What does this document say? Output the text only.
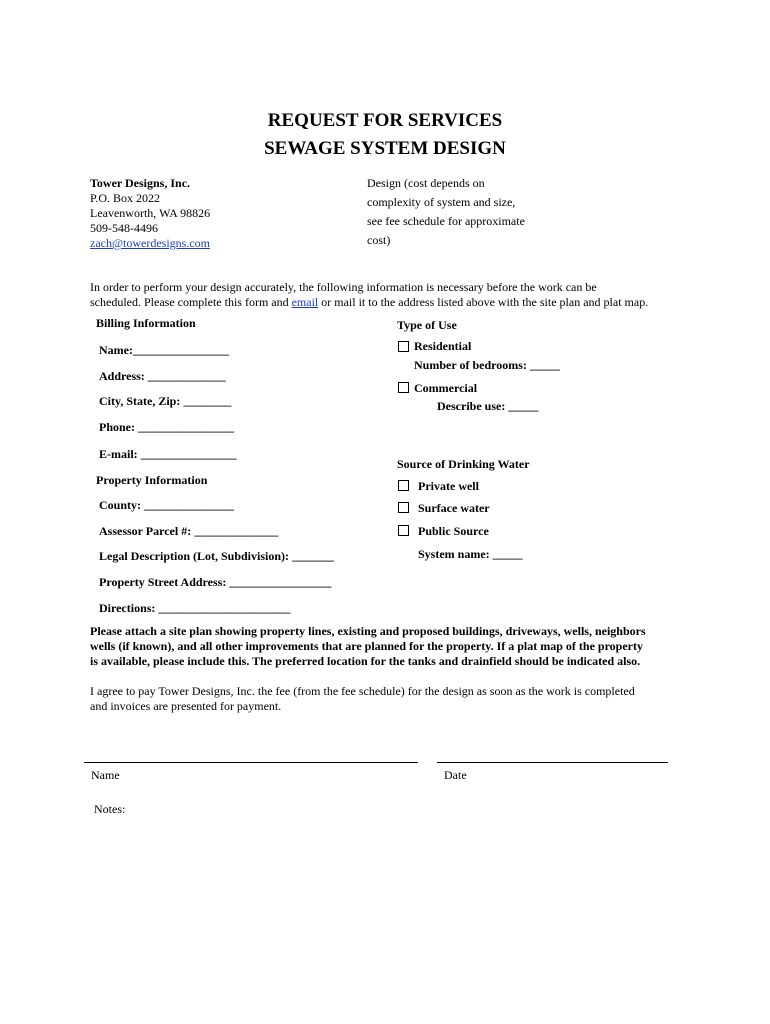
REQUEST FOR SERVICES
SEWAGE SYSTEM DESIGN
Tower Designs, Inc.
P.O. Box 2022
Leavenworth, WA 98826
509-548-4496
zach@towerdesigns.com
Design (cost depends on
complexity of system and size,
see fee schedule for approximate
cost)
In order to perform your design accurately, the following information is necessary before the work can be
scheduled. Please complete this form and email or mail it to the address listed above with the site plan and plat map.
Billing Information
Name:________________
Address: _____________
City, State, Zip: ________
Phone: ________________
E-mail: ________________
Property Information
County: _______________
Assessor Parcel #: ______________
Legal Description (Lot, Subdivision): _______
Property Street Address: _________________
Directions: ______________________
Type of Use
Residential
Number of bedrooms: _____
Commercial
Describe use: _____
Source of Drinking Water
Private well
Surface water
Public Source
System name: _____
Please attach a site plan showing property lines, existing and proposed buildings, driveways, wells, neighbors
wells (if known), and all other improvements that are planned for the property. If a plat map of the property
is available, please include this. The preferred location for the tanks and drainfield should be indicated also.
I agree to pay Tower Designs, Inc. the fee (from the fee schedule) for the design as soon as the work is completed
and invoices are presented for payment.
Name	Date
Notes:
